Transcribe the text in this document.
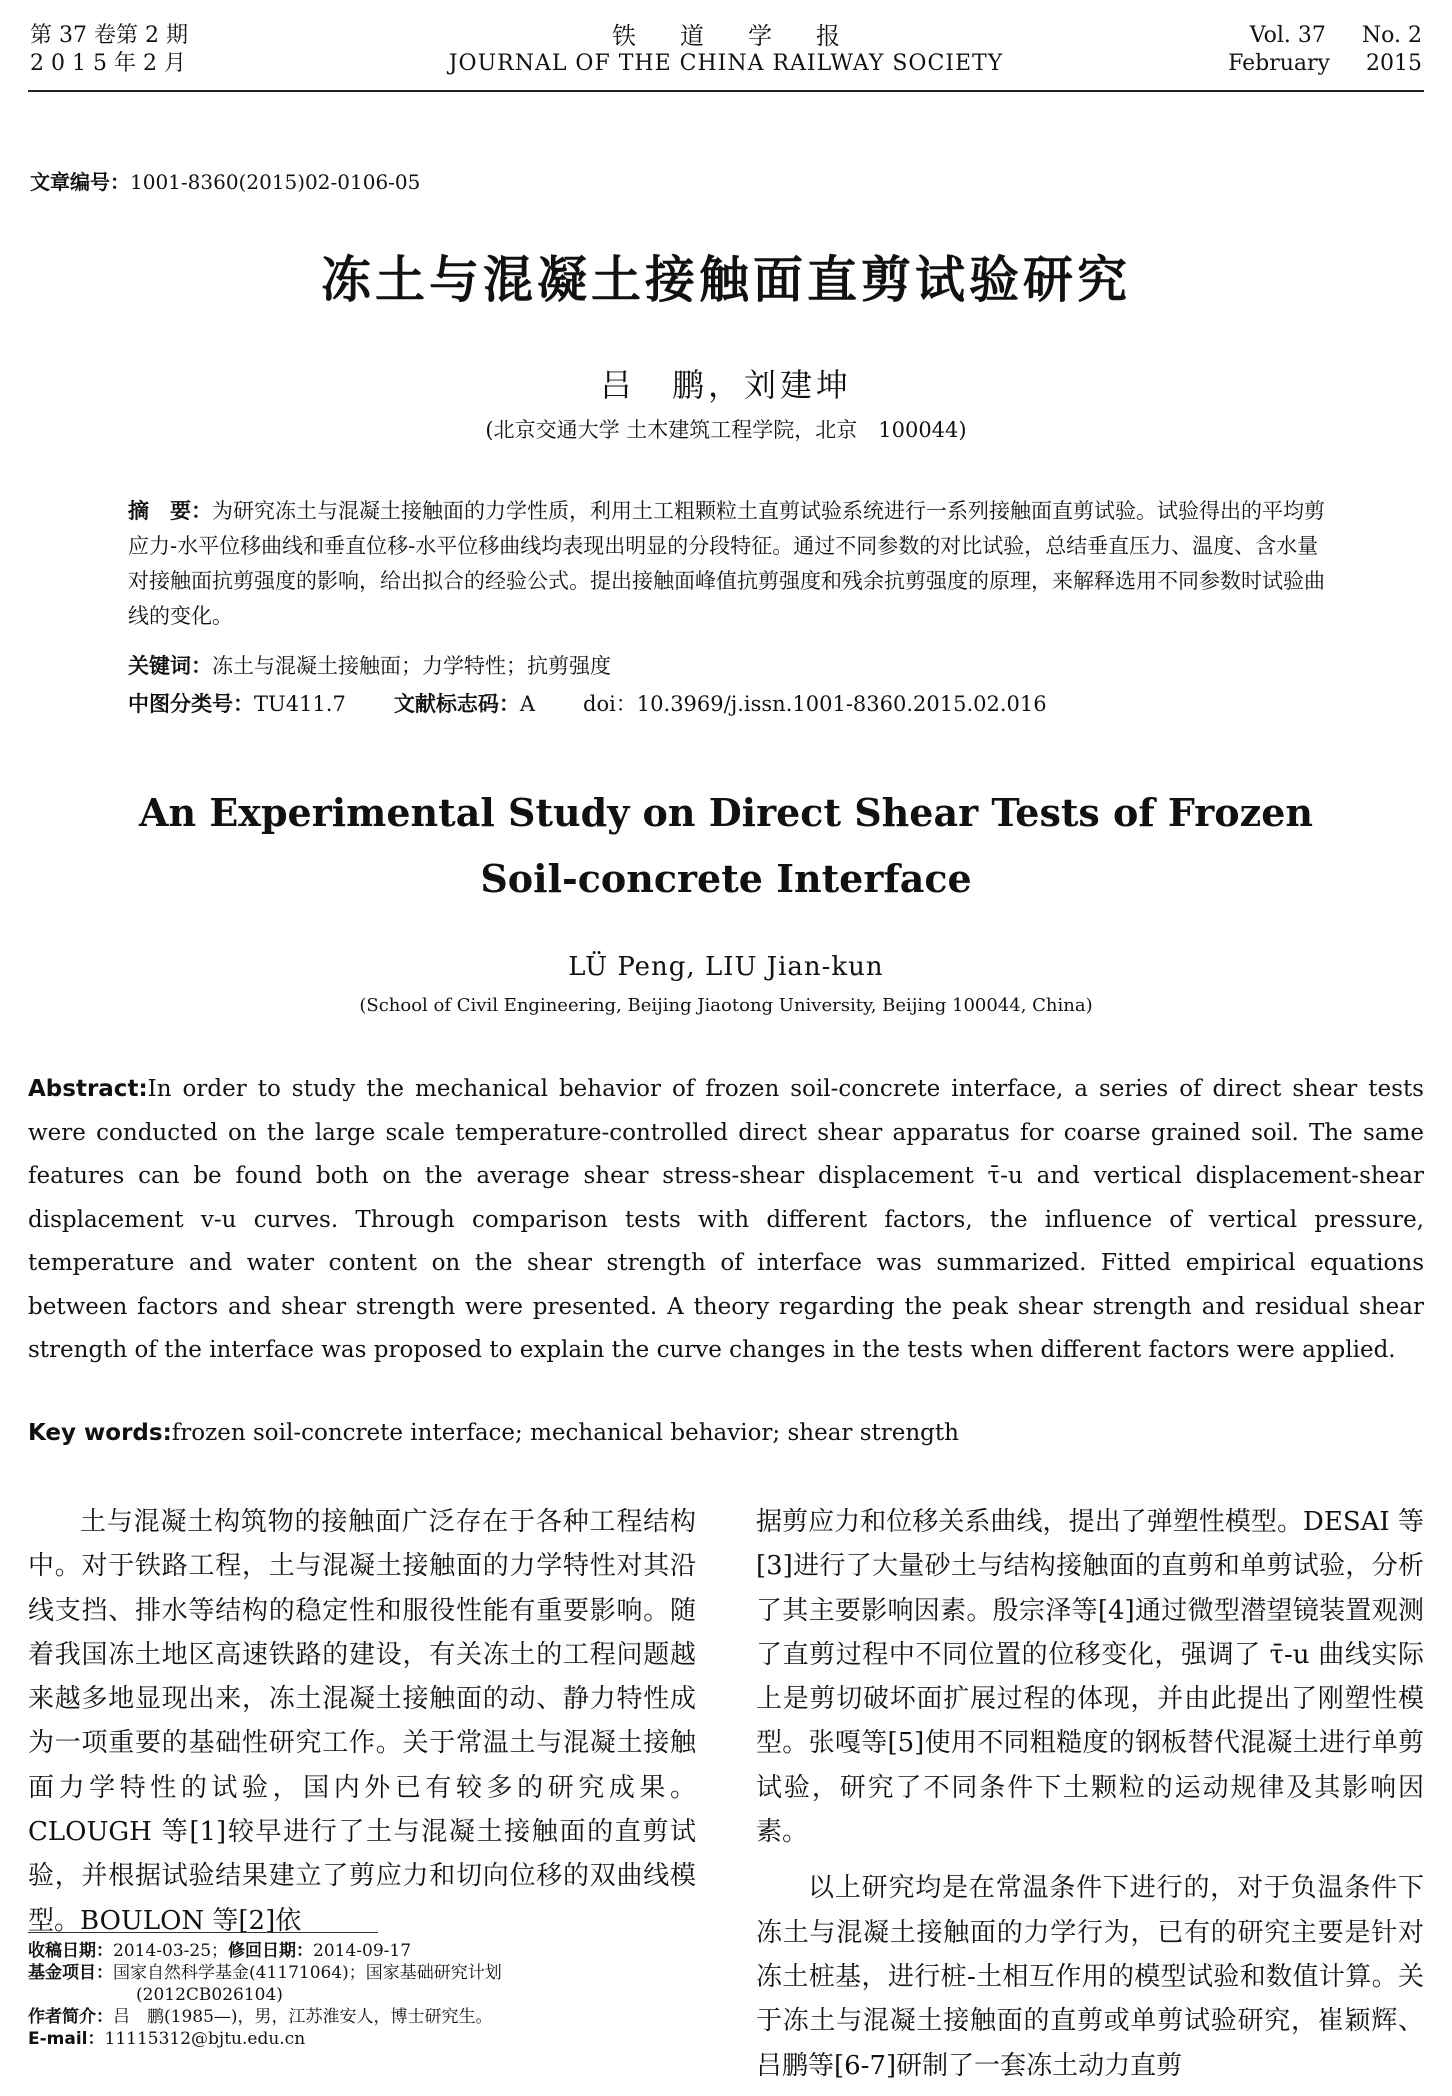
第 37 卷第 2 期
2 0 1 5 年 2 月
铁道学报
JOURNAL OF THE CHINA RAILWAY SOCIETY
Vol. 37 No. 2
February 2015
文章编号：1001-8360(2015)02-0106-05
冻土与混凝土接触面直剪试验研究
吕　鹏，刘建坤
(北京交通大学 土木建筑工程学院，北京　100044)
摘　要：为研究冻土与混凝土接触面的力学性质，利用土工粗颗粒土直剪试验系统进行一系列接触面直剪试验。试验得出的平均剪应力-水平位移曲线和垂直位移-水平位移曲线均表现出明显的分段特征。通过不同参数的对比试验，总结垂直压力、温度、含水量对接触面抗剪强度的影响，给出拟合的经验公式。提出接触面峰值抗剪强度和残余抗剪强度的原理，来解释选用不同参数时试验曲线的变化。
关键词：冻土与混凝土接触面；力学特性；抗剪强度
中图分类号：TU411.7 文献标志码：A doi：10.3969/j.issn.1001-8360.2015.02.016
An Experimental Study on Direct Shear Tests of Frozen
Soil-concrete Interface
LÜ Peng, LIU Jian-kun
(School of Civil Engineering, Beijing Jiaotong University, Beijing 100044, China)
Abstract:In order to study the mechanical behavior of frozen soil-concrete interface, a series of direct shear tests were conducted on the large scale temperature-controlled direct shear apparatus for coarse grained soil. The same features can be found both on the average shear stress-shear displacement τ̄-u and vertical displacement-shear displacement v-u curves. Through comparison tests with different factors, the influence of vertical pressure, temperature and water content on the shear strength of interface was summarized. Fitted empirical equations between factors and shear strength were presented. A theory regarding the peak shear strength and residual shear strength of the interface was proposed to explain the curve changes in the tests when different factors were applied.
Key words:frozen soil-concrete interface; mechanical behavior; shear strength

土与混凝土构筑物的接触面广泛存在于各种工程结构中。对于铁路工程，土与混凝土接触面的力学特性对其沿线支挡、排水等结构的稳定性和服役性能有重要影响。随着我国冻土地区高速铁路的建设，有关冻土的工程问题越来越多地显现出来，冻土混凝土接触面的动、静力特性成为一项重要的基础性研究工作。关于常温土与混凝土接触面力学特性的试验，国内外已有较多的研究成果。CLOUGH 等[1]较早进行了土与混凝土接触面的直剪试验，并根据试验结果建立了剪应力和切向位移的双曲线模型。BOULON 等[2]依

据剪应力和位移关系曲线，提出了弹塑性模型。DESAI 等[3]进行了大量砂土与结构接触面的直剪和单剪试验，分析了其主要影响因素。殷宗泽等[4]通过微型潜望镜装置观测了直剪过程中不同位置的位移变化，强调了 τ̄-u 曲线实际上是剪切破坏面扩展过程的体现，并由此提出了刚塑性模型。张嘎等[5]使用不同粗糙度的钢板替代混凝土进行单剪试验，研究了不同条件下土颗粒的运动规律及其影响因素。

以上研究均是在常温条件下进行的，对于负温条件下冻土与混凝土接触面的力学行为，已有的研究主要是针对冻土桩基，进行桩-土相互作用的模型试验和数值计算。关于冻土与混凝土接触面的直剪或单剪试验研究，崔颖辉、吕鹏等[6-7]研制了一套冻土动力直剪

收稿日期：2014-03-25；修回日期：2014-09-17
基金项目：国家自然科学基金(41171064)；国家基础研究计划
(2012CB026104)
作者简介：吕　鹏(1985—)，男，江苏淮安人，博士研究生。
E-mail：11115312@bjtu.edu.cn
